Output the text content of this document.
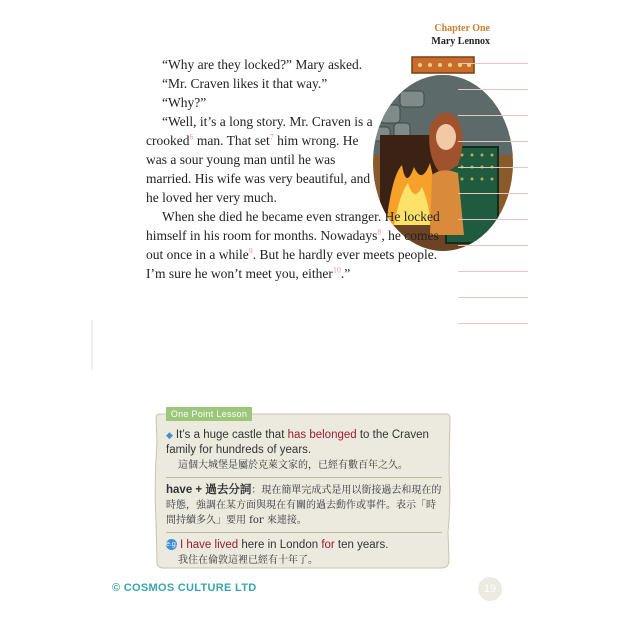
Chapter One
Mary Lennox

“Why are they locked?” Mary asked.

“Mr. Craven likes it that way.”

“Why?”

“Well, it’s a long story. Mr. Craven is a crooked$^6$ man. That set$^7$ him wrong. He was a sour young man until he was married. His wife was very beautiful, and he loved her very much.

When she died he became even stranger. He locked himself in his room for months. Nowadays$^8$, he comes out once in a while$^9$. But he hardly ever meets people. I’m sure he won’t meet you, either$^{10}$.”

One Point Lesson
◆ It’s a huge castle that has belonged to the Craven family for hundreds of years.
這個大城堡是屬於克萊文家的，已經有數百年之久。
have + 過去分詞：現在簡單完成式是用以銜接過去和現在的時態，強調在某方面與現在有關的過去動作或事件。表示「時間持續多久」要用 for 來連接。
e.g. I have lived here in London for ten years.
我住在倫敦這裡已經有十年了。
© COSMOS CULTURE LTD	19
